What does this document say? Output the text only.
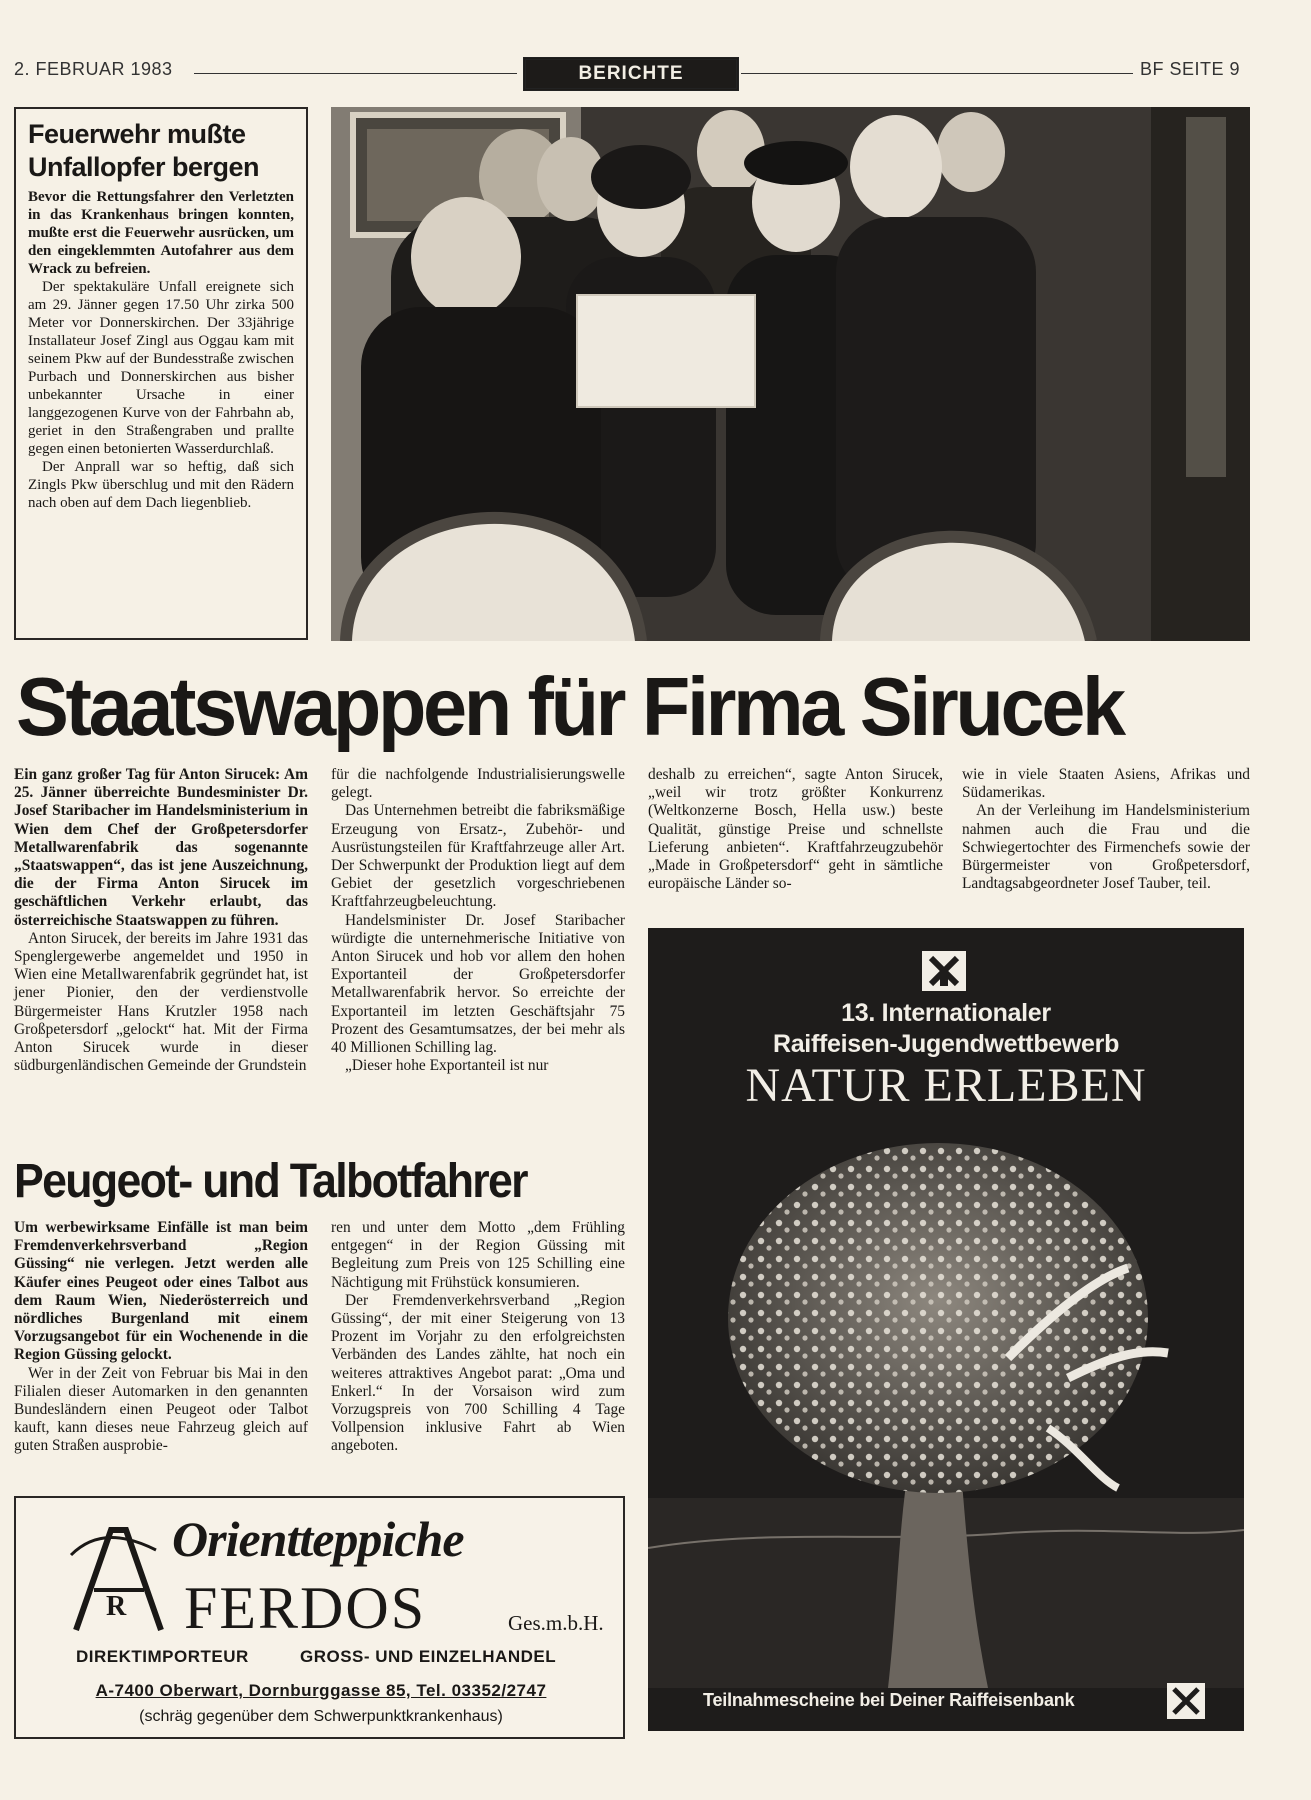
2. FEBRUAR 1983	BERICHTE	BF SEITE 9
Feuerwehr mußte
Unfallopfer bergen

Bevor die Rettungsfahrer den Verletzten in das Krankenhaus bringen konnten, mußte erst die Feuerwehr ausrücken, um den eingeklemmten Autofahrer aus dem Wrack zu befreien.

Der spektakuläre Unfall ereignete sich am 29. Jänner gegen 17.50 Uhr zirka 500 Meter vor Donnerskirchen. Der 33jährige Installateur Josef Zingl aus Oggau kam mit seinem Pkw auf der Bundesstraße zwischen Purbach und Donnerskirchen aus bisher unbekannter Ursache in einer langgezogenen Kurve von der Fahrbahn ab, geriet in den Straßengraben und prallte gegen einen betonierten Wasserdurchlaß.

Der Anprall war so heftig, daß sich Zingls Pkw überschlug und mit den Rädern nach oben auf dem Dach liegenblieb.

Staatswappen für Firma Sirucek

Ein ganz großer Tag für Anton Sirucek: Am 25. Jänner überreichte Bundesminister Dr. Josef Staribacher im Handelsministerium in Wien dem Chef der Großpetersdorfer Metallwarenfabrik das sogenannte „Staatswappen“, das ist jene Auszeichnung, die der Firma Anton Sirucek im geschäftlichen Verkehr erlaubt, das österreichische Staatswappen zu führen.

Anton Sirucek, der bereits im Jahre 1931 das Spenglergewerbe angemeldet und 1950 in Wien eine Metallwarenfabrik gegründet hat, ist jener Pionier, den der verdienstvolle Bürgermeister Hans Krutzler 1958 nach Großpetersdorf „gelockt“ hat. Mit der Firma Anton Sirucek wurde in dieser südburgenländischen Gemeinde der Grundstein

für die nachfolgende Industrialisierungswelle gelegt.

Das Unternehmen betreibt die fabriksmäßige Erzeugung von Ersatz-, Zubehör- und Ausrüstungsteilen für Kraftfahrzeuge aller Art. Der Schwerpunkt der Produktion liegt auf dem Gebiet der gesetzlich vorgeschriebenen Kraftfahrzeugbeleuchtung.

Handelsminister Dr. Josef Staribacher würdigte die unternehmerische Initiative von Anton Sirucek und hob vor allem den hohen Exportanteil der Großpetersdorfer Metallwarenfabrik hervor. So erreichte der Exportanteil im letzten Geschäftsjahr 75 Prozent des Gesamtumsatzes, der bei mehr als 40 Millionen Schilling lag.

„Dieser hohe Exportanteil ist nur

deshalb zu erreichen“, sagte Anton Sirucek, „weil wir trotz größter Konkurrenz (Weltkonzerne Bosch, Hella usw.) beste Qualität, günstige Preise und schnellste Lieferung anbieten“. Kraftfahrzeugzubehör „Made in Großpetersdorf“ geht in sämtliche europäische Länder so-

wie in viele Staaten Asiens, Afrikas und Südamerikas.

An der Verleihung im Handelsministerium nahmen auch die Frau und die Schwiegertochter des Firmenchefs sowie der Bürgermeister von Großpetersdorf, Landtagsabgeordneter Josef Tauber, teil.

Peugeot- und Talbotfahrer

Um werbewirksame Einfälle ist man beim Fremdenverkehrsverband „Region Güssing“ nie verlegen. Jetzt werden alle Käufer eines Peugeot oder eines Talbot aus dem Raum Wien, Niederösterreich und nördliches Burgenland mit einem Vorzugsangebot für ein Wochenende in die Region Güssing gelockt.

Wer in der Zeit von Februar bis Mai in den Filialen dieser Automarken in den genannten Bundesländern einen Peugeot oder Talbot kauft, kann dieses neue Fahrzeug gleich auf guten Straßen ausprobie-

ren und unter dem Motto „dem Frühling entgegen“ in der Region Güssing mit Begleitung zum Preis von 125 Schilling eine Nächtigung mit Frühstück konsumieren.

Der Fremdenverkehrsverband „Region Güssing“, der mit einer Steigerung von 13 Prozent im Vorjahr zu den erfolgreichsten Verbänden des Landes zählte, hat noch ein weiteres attraktives Angebot parat: „Oma und Enkerl.“ In der Vorsaison wird zum Vorzugspreis von 700 Schilling 4 Tage Vollpension inklusive Fahrt ab Wien angeboten.

R
Orientteppiche
FERDOS	Ges.m.b.H.
DIREKTIMPORTEUR	GROSS- UND EINZELHANDEL
A-7400 Oberwart, Dornburggasse 85, Tel. 03352/2747
(schräg gegenüber dem Schwerpunktkrankenhaus)
13. Internationaler
Raiffeisen-Jugendwettbewerb
NATUR ERLEBEN
Teilnahmescheine bei Deiner Raiffeisenbank
